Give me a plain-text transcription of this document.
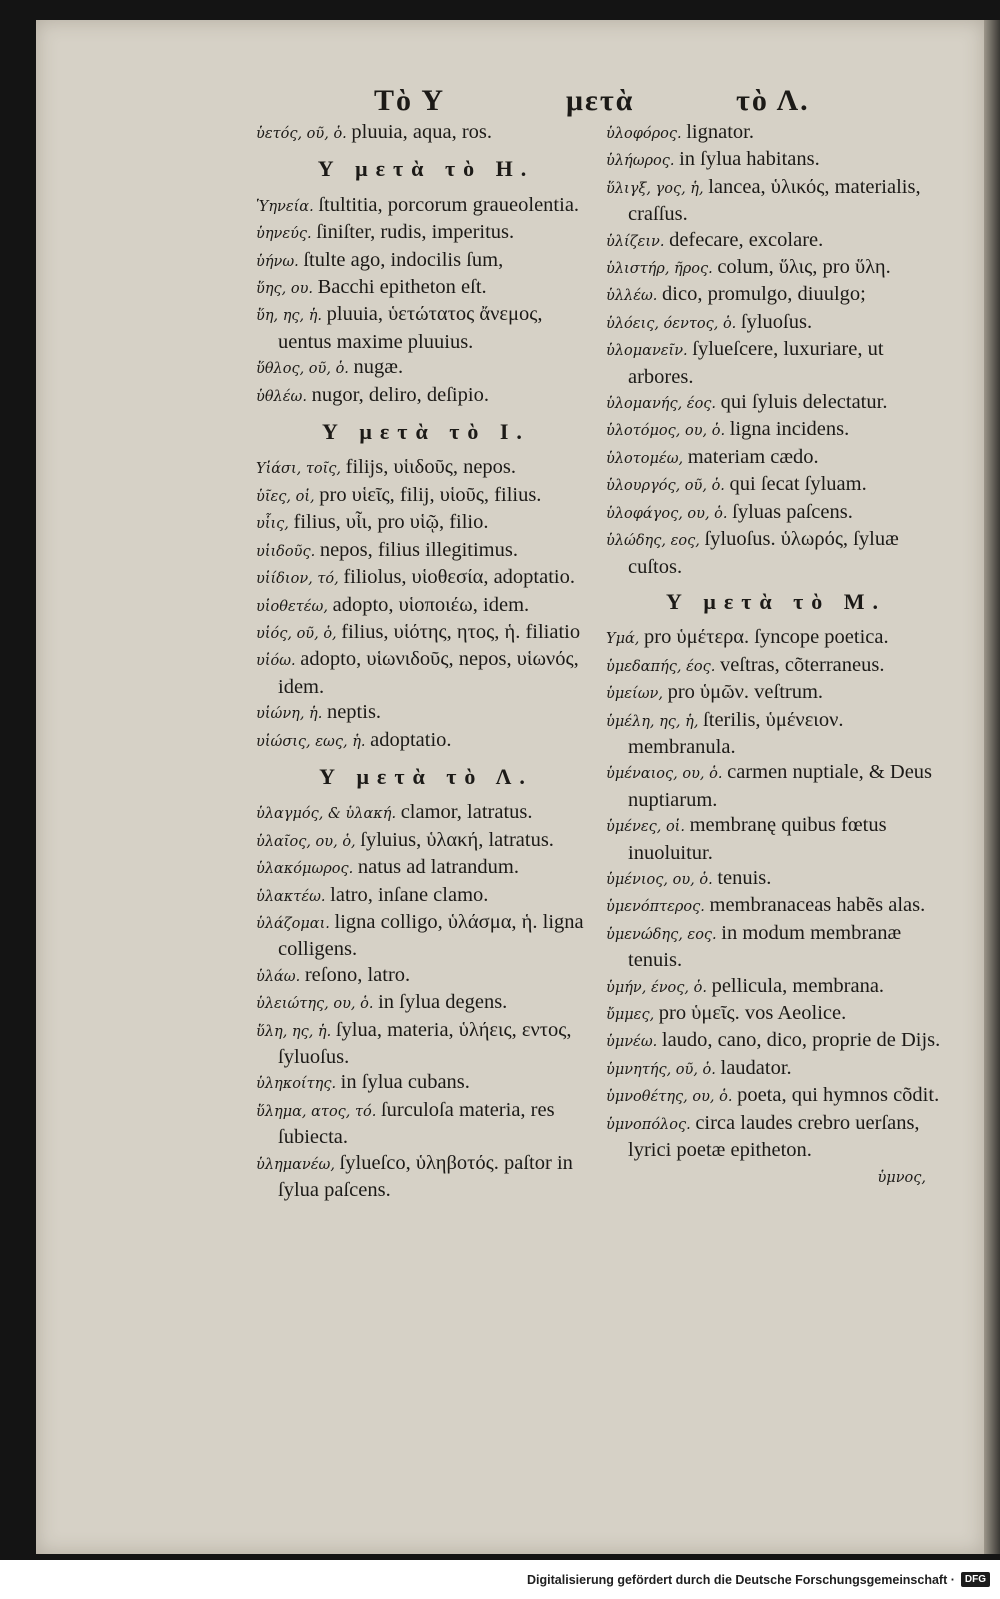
Τὸ Υ	μετὰ	τὸ Λ.

ὑετός, οῦ, ὁ. pluuia, aqua, ros.

Υ μετὰ τὸ Η.

Ὑηνεία. ſtultitia, porcorum graueolentia.

ὑηνεύς. ſiniſter, rudis, imperitus.

ὑήνω. ſtulte ago, indocilis ſum,

ὕης, ου. Bacchi epitheton eſt.

ὕη, ης, ἡ. pluuia, ὑετώτατος ἄνεμος, uentus maxime pluuius.

ὕθλος, οῦ, ὁ. nugæ.

ὑθλέω. nugor, deliro, deſipio.

Υ μετὰ τὸ Ι.

Υἱάσι, τοῖς, filijs, υἱιδοῦς, nepos.

ὑῖες, οἱ, pro υἱεῖς, filij, υἱοῦς, filius.

υἷις, filius, υἷι, pro υἱῷ, filio.

υἱιδοῦς. nepos, filius illegitimus.

υἱίδιον, τό, filiolus, υἱοθεσία, adoptatio.

υἱοθετέω, adopto, υἱοποιέω, idem.

υἱός, οῦ, ὁ, filius, υἱότης, ητος, ἡ. filiatio

υἱόω. adopto, υἱωνιδοῦς, nepos, υἱωνός, idem.

υἱώνη, ἡ. neptis.

υἱώσις, εως, ἡ. adoptatio.

Υ μετὰ τὸ Λ.

ὑλαγμός, & ὑλακή. clamor, latratus.

ὑλαῖος, ου, ὁ, ſyluius, ὑλακή, latratus.

ὑλακόμωρος. natus ad latrandum.

ὑλακτέω. latro, inſane clamo.

ὑλάζομαι. ligna colligo, ὑλάσμα, ἡ. ligna colligens.

ὑλάω. reſono, latro.

ὑλειώτης, ου, ὁ. in ſylua degens.

ὕλη, ης, ἡ. ſylua, materia, ὑλήεις, εντος, ſyluoſus.

ὑληκοίτης. in ſylua cubans.

ὕλημα, ατος, τό. ſurculoſa materia, res ſubiecta.

ὑλημανέω, ſylueſco, ὑληβοτός. paſtor in ſylua paſcens.

ὑλοφόρος. lignator.

ὑλήωρος. in ſylua habitans.

ὕλιγξ, γος, ἡ, lancea, ὑλικός, materialis, craſſus.

ὑλίζειν. defecare, excolare.

ὑλιστήρ, ῆρος. colum, ὕλις, pro ὕλη.

ὑλλέω. dico, promulgo, diuulgo;

ὑλόεις, όεντος, ὁ. ſyluoſus.

ὑλομανεῖν. ſylueſcere, luxuriare, ut arbores.

ὑλομανής, έος. qui ſyluis delectatur.

ὑλοτόμος, ου, ὁ. ligna incidens.

ὑλοτομέω, materiam cædo.

ὑλουργός, οῦ, ὁ. qui ſecat ſyluam.

ὑλοφάγος, ου, ὁ. ſyluas paſcens.

ὑλώδης, εος, ſyluoſus. ὑλωρός, ſyluæ cuſtos.

Υ μετὰ τὸ Μ.

Υμά, pro ὑμέτερα. ſyncope poetica.

ὑμεδαπής, έος. veſtras, cõterraneus.

ὑμείων, pro ὑμῶν. veſtrum.

ὑμέλη, ης, ἡ, ſterilis, ὑμένειον. membranula.

ὑμέναιος, ου, ὁ. carmen nuptiale, & Deus nuptiarum.

ὑμένες, οἱ. membranę quibus fœtus inuoluitur.

ὑμένιος, ου, ὁ. tenuis.

ὑμενόπτερος. membranaceas habẽs alas.

ὑμενώδης, εος. in modum membranæ tenuis.

ὑμήν, ένος, ὁ. pellicula, membrana.

ὔμμες, pro ὑμεῖς. vos Aeolice.

ὑμνέω. laudo, cano, dico, proprie de Dijs.

ὑμνητής, οῦ, ὁ. laudator.

ὑμνοθέτης, ου, ὁ. poeta, qui hymnos cõdit.

ὑμνοπόλος. circa laudes crebro uerſans, lyrici poetæ epitheton.

ὑμνος,
Digitalisierung gefördert durch die Deutsche Forschungsgemeinschaft ·	DFG
